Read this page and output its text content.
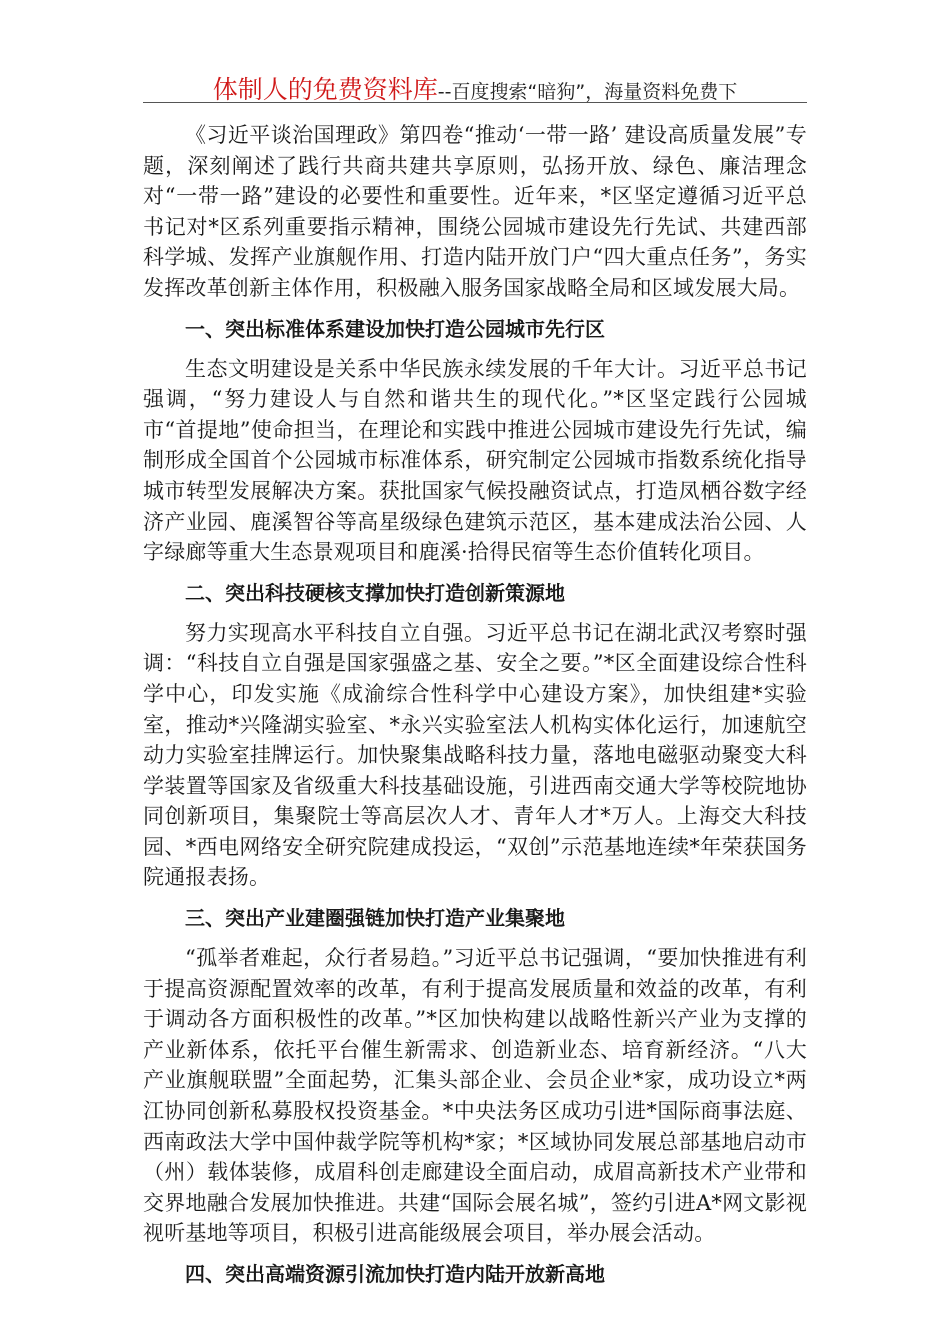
体制人的免费资料库--百度搜索“暗狗”，海量资料免费下

《习近平谈治国理政》第四卷“推动‘一带一路’ 建设高质量发展”专题，深刻阐述了践行共商共建共享原则，弘扬开放、绿色、廉洁理念对“一带一路”建设的必要性和重要性。近年来，*区坚定遵循习近平总书记对*区系列重要指示精神，围绕公园城市建设先行先试、共建西部科学城、发挥产业旗舰作用、打造内陆开放门户“四大重点任务”，务实发挥改革创新主体作用，积极融入服务国家战略全局和区域发展大局。

一、突出标准体系建设加快打造公园城市先行区

生态文明建设是关系中华民族永续发展的千年大计。习近平总书记强调，“努力建设人与自然和谐共生的现代化。”*区坚定践行公园城市“首提地”使命担当，在理论和实践中推进公园城市建设先行先试，编制形成全国首个公园城市标准体系，研究制定公园城市指数系统化指导城市转型发展解决方案。获批国家气候投融资试点，打造凤栖谷数字经济产业园、鹿溪智谷等高星级绿色建筑示范区，基本建成法治公园、人字绿廊等重大生态景观项目和鹿溪·拾得民宿等生态价值转化项目。

二、突出科技硬核支撑加快打造创新策源地

努力实现高水平科技自立自强。习近平总书记在湖北武汉考察时强调：“科技自立自强是国家强盛之基、安全之要。”*区全面建设综合性科学中心，印发实施《成渝综合性科学中心建设方案》，加快组建*实验室，推动*兴隆湖实验室、*永兴实验室法人机构实体化运行，加速航空动力实验室挂牌运行。加快聚集战略科技力量，落地电磁驱动聚变大科学装置等国家及省级重大科技基础设施，引进西南交通大学等校院地协同创新项目，集聚院士等高层次人才、青年人才*万人。上海交大科技园、*西电网络安全研究院建成投运，“双创”示范基地连续*年荣获国务院通报表扬。

三、突出产业建圈强链加快打造产业集聚地

“孤举者难起，众行者易趋。”习近平总书记强调，“要加快推进有利于提高资源配置效率的改革，有利于提高发展质量和效益的改革，有利于调动各方面积极性的改革。”*区加快构建以战略性新兴产业为支撑的产业新体系，依托平台催生新需求、创造新业态、培育新经济。“八大产业旗舰联盟”全面起势，汇集头部企业、会员企业*家，成功设立*两江协同创新私募股权投资基金。*中央法务区成功引进*国际商事法庭、西南政法大学中国仲裁学院等机构*家；*区域协同发展总部基地启动市（州）载体装修，成眉科创走廊建设全面启动，成眉高新技术产业带和交界地融合发展加快推进。共建“国际会展名城”，签约引进A*网文影视视听基地等项目，积极引进高能级展会项目，举办展会活动。

四、突出高端资源引流加快打造内陆开放新高地
